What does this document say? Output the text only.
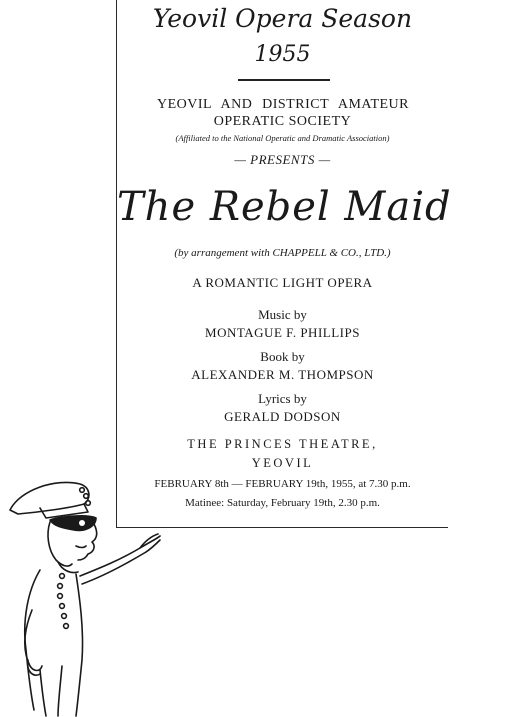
Yeovil Opera Season
1955
YEOVIL AND DISTRICT AMATEUR
OPERATIC SOCIETY
(Affiliated to the National Operatic and Dramatic Association)
— PRESENTS —
The Rebel Maid
(by arrangement with CHAPPELL & CO., LTD.)
A ROMANTIC LIGHT OPERA
Music by
MONTAGUE F. PHILLIPS
Book by
ALEXANDER M. THOMPSON
Lyrics by
GERALD DODSON
THE PRINCES THEATRE,
YEOVIL
FEBRUARY 8th — FEBRUARY 19th, 1955, at 7.30 p.m.
Matinee: Saturday, February 19th, 2.30 p.m.
